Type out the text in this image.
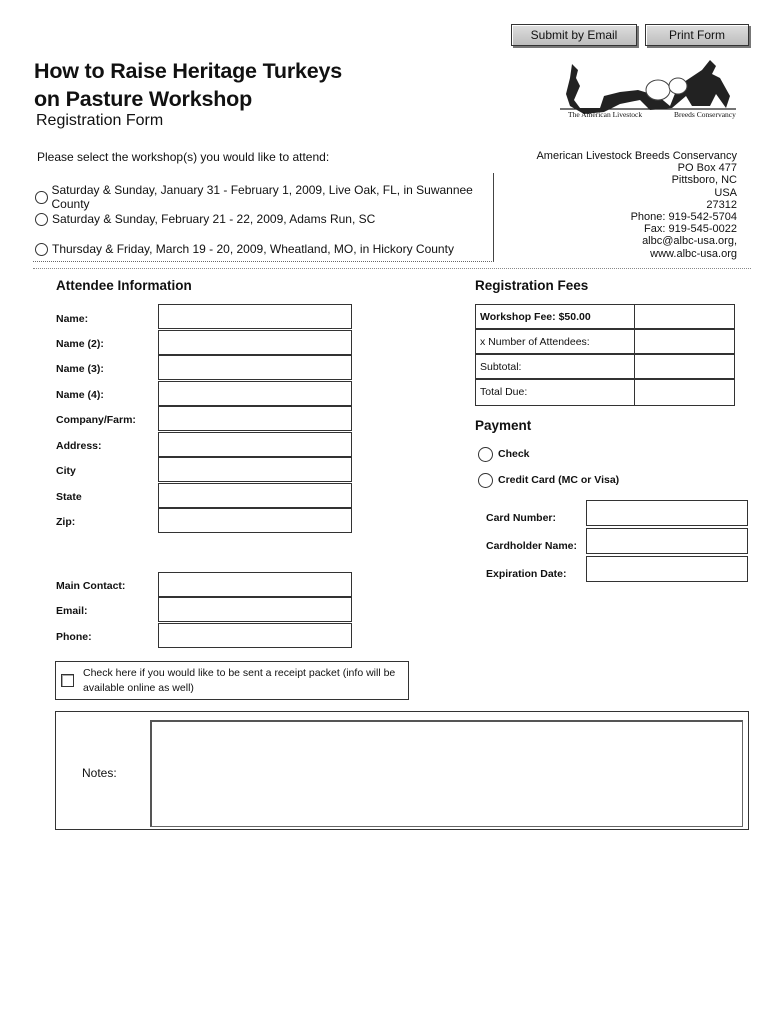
Submit by Email	Print Form
How to Raise Heritage Turkeys
on Pasture Workshop
Registration Form	The American Livestock	Breeds Conservancy
Please select the workshop(s) you would like to attend:
Saturday & Sunday, January 31 - February 1, 2009, Live Oak, FL, in Suwannee County
Saturday & Sunday, February 21 - 22, 2009, Adams Run, SC
Thursday & Friday, March 19 - 20, 2009, Wheatland, MO, in Hickory County
American Livestock Breeds Conservancy
PO Box 477
Pittsboro, NC
USA
27312
Phone: 919-542-5704
Fax: 919-545-0022
albc@albc-usa.org,
www.albc-usa.org
Attendee Information
Name:
Name (2):
Name (3):
Name (4):
Company/Farm:
Address:
City
State
Zip:
Main Contact:
Email:
Phone:
Registration Fees
Workshop Fee: $50.00
x Number of Attendees:
Subtotal:
Total Due:
Payment
Check
Credit Card (MC or Visa)
Card Number:
Cardholder Name:
Expiration Date:
Check here if you would like to be sent a receipt packet (info will be available online as well)
Notes:
